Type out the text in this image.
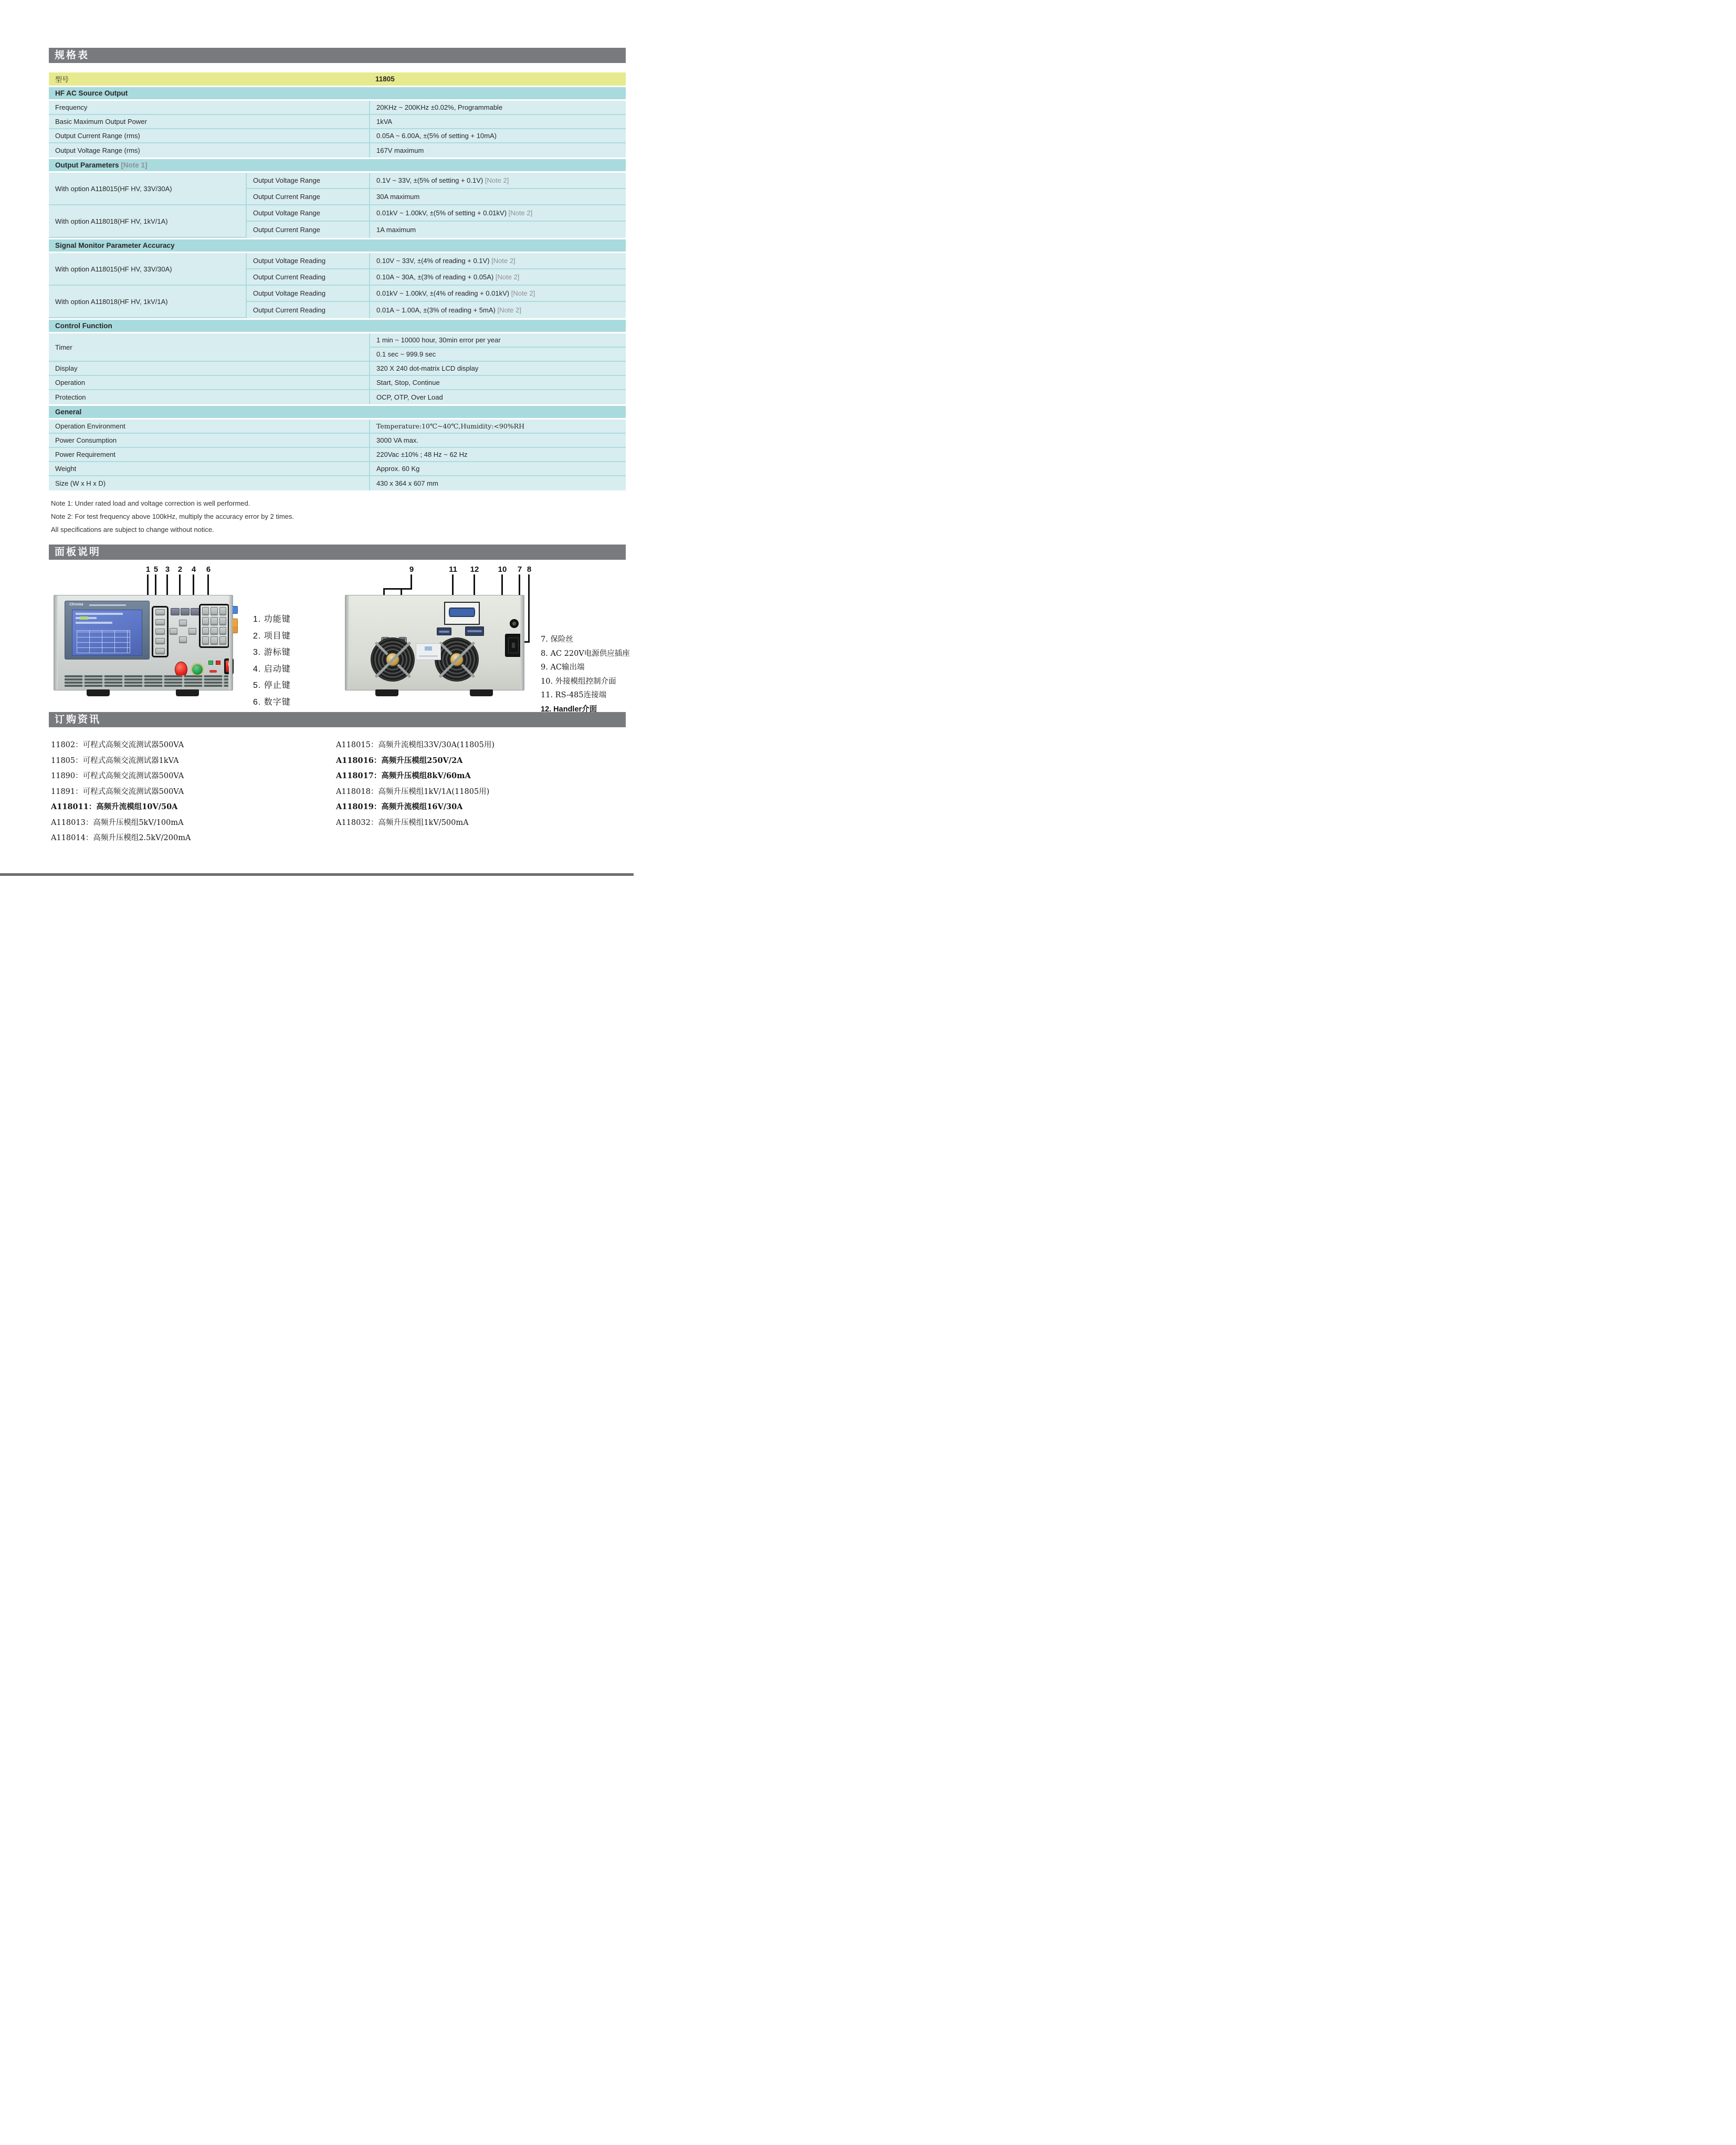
规格表
型号		11805
HF AC Source Output		
Frequency		20KHz ~ 200KHz ±0.02%, Programmable
Basic Maximum Output Power		1kVA
Output Current Range (rms)		0.05A ~ 6.00A, ±(5% of setting + 10mA)
Output Voltage Range (rms)		167V maximum
Output Parameters [Note 1]		
With option A118015(HF HV, 33V/30A)	Output Voltage Range	0.1V ~ 33V, ±(5% of setting + 0.1V) [Note 2]
	Output Current Range	30A maximum
With option A118018(HF HV, 1kV/1A)	Output Voltage Range	0.01kV ~ 1.00kV, ±(5% of setting + 0.01kV) [Note 2]
	Output Current Range	1A maximum
Signal Monitor Parameter Accuracy		
With option A118015(HF HV, 33V/30A)	Output Voltage Reading	0.10V ~ 33V, ±(4% of reading + 0.1V) [Note 2]
	Output Current Reading	0.10A ~ 30A, ±(3% of reading + 0.05A) [Note 2]
With option A118018(HF HV, 1kV/1A)	Output Voltage Reading	0.01kV ~ 1.00kV, ±(4% of reading + 0.01kV) [Note 2]
	Output Current Reading	0.01A ~ 1.00A, ±(3% of reading + 5mA) [Note 2]
Control Function		
Timer		1 min ~ 10000 hour, 30min error per year
		0.1 sec ~ 999.9 sec
Display		320 X 240 dot-matrix LCD display
Operation		Start, Stop, Continue
Protection		OCP, OTP, Over Load
General		
Operation Environment		Temperature:10℃~40℃,Humidity:<90%RH
Power Consumption		3000 VA max.
Power Requirement		220Vac ±10% ; 48 Hz ~ 62 Hz
Weight		Approx. 60 Kg
Size (W x H x D)		430 x 364 x 607 mm
Note 1: Under rated load and voltage correction is well performed.
Note 2: For test frequency above 100kHz, multiply the accuracy error by 2 times.
All specifications are subject to change without notice.
面板说明
1 5 3 2 4 6
Chroma
1. 功能键
2. 项目键
3. 游标键
4. 启动键
5. 停止键
6. 数字键
9	11 12 10 7 8
7. 保险丝
8. AC 220V电源供应插座
9. AC输出端
10. 外接模组控制介面
11. RS-485连接端
12. Handler介面
订购资讯
11802：可程式高频交流测试器500VA
11805：可程式高频交流测试器1kVA
11890：可程式高频交流测试器500VA
11891：可程式高频交流测试器500VA
A118011：高频升流模组10V/50A
A118013：高频升压模组5kV/100mA
A118014：高频升压模组2.5kV/200mA
A118015：高频升流模组33V/30A(11805用)
A118016：高频升压模组250V/2A
A118017：高频升压模组8kV/60mA
A118018：高频升压模组1kV/1A(11805用)
A118019：高频升流模组16V/30A
A118032：高频升压模组1kV/500mA
